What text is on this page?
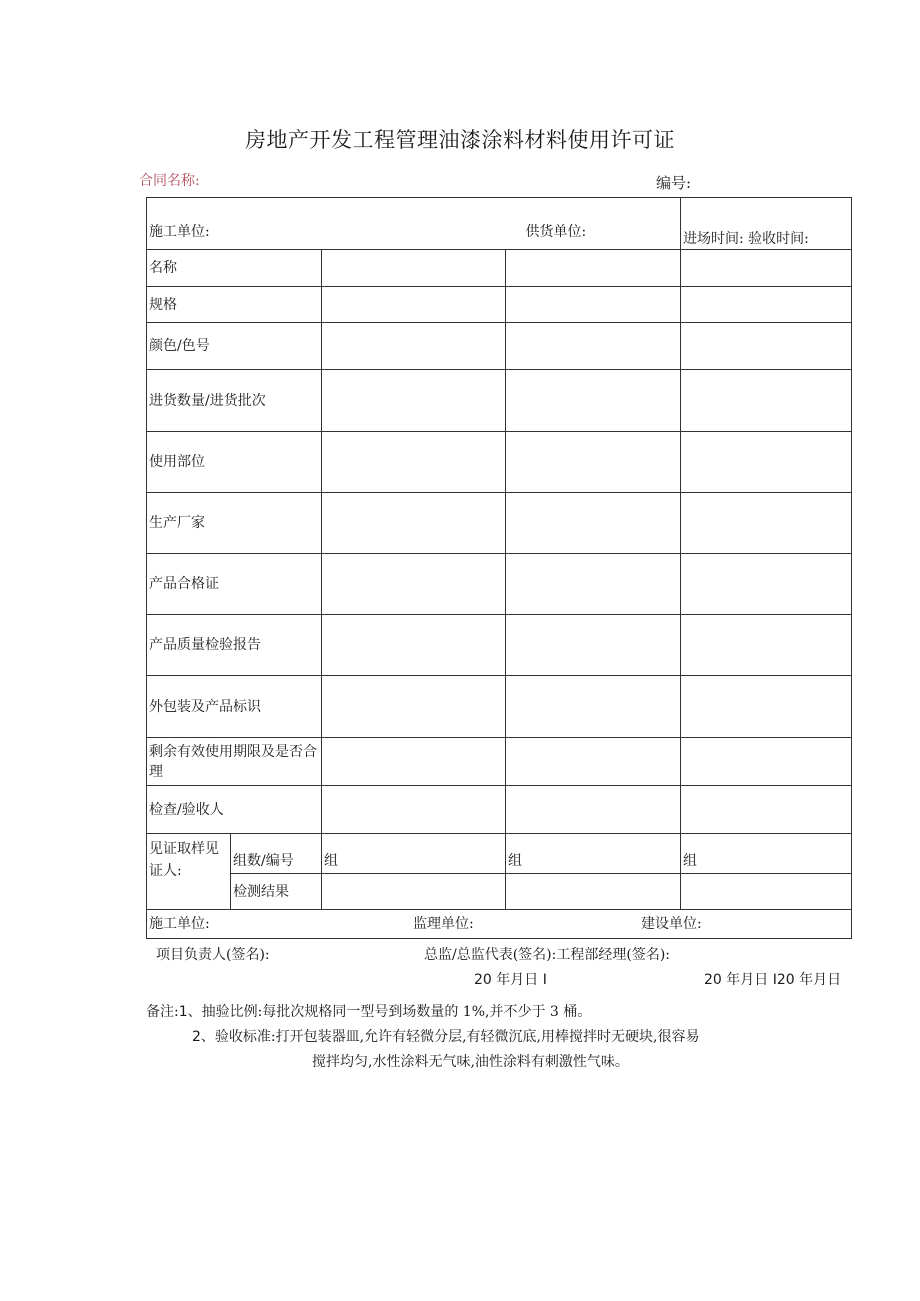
房地产开发工程管理油漆涂料材料使用许可证
合同名称:	编号:
施工单位:			供货单位:	进场时间: 验收时间:
名称				
规格				
颜色/色号				
进货数量/进货批次				
使用部位				
生产厂家				
产品合格证				
产品质量检验报告				
外包装及产品标识				
剩余有效使用期限及是否合理				
检查/验收人				
见证取样见证人:	组数/编号	组	组	组
	检测结果			
施工单位: 监理单位: 建设单位:				
项目负责人(签名):	总监/总监代表(签名):工程部经理(签名):
20 年月日 I	20 年月日 I20 年月日
备注:1、抽验比例:每批次规格同一型号到场数量的 1%,并不少于 3 桶。
2、验收标准:打开包装器皿,允许有轻微分层,有轻微沉底,用棒搅拌时无硬块,很容易
搅拌均匀,水性涂料无气味,油性涂料有刺激性气味。
